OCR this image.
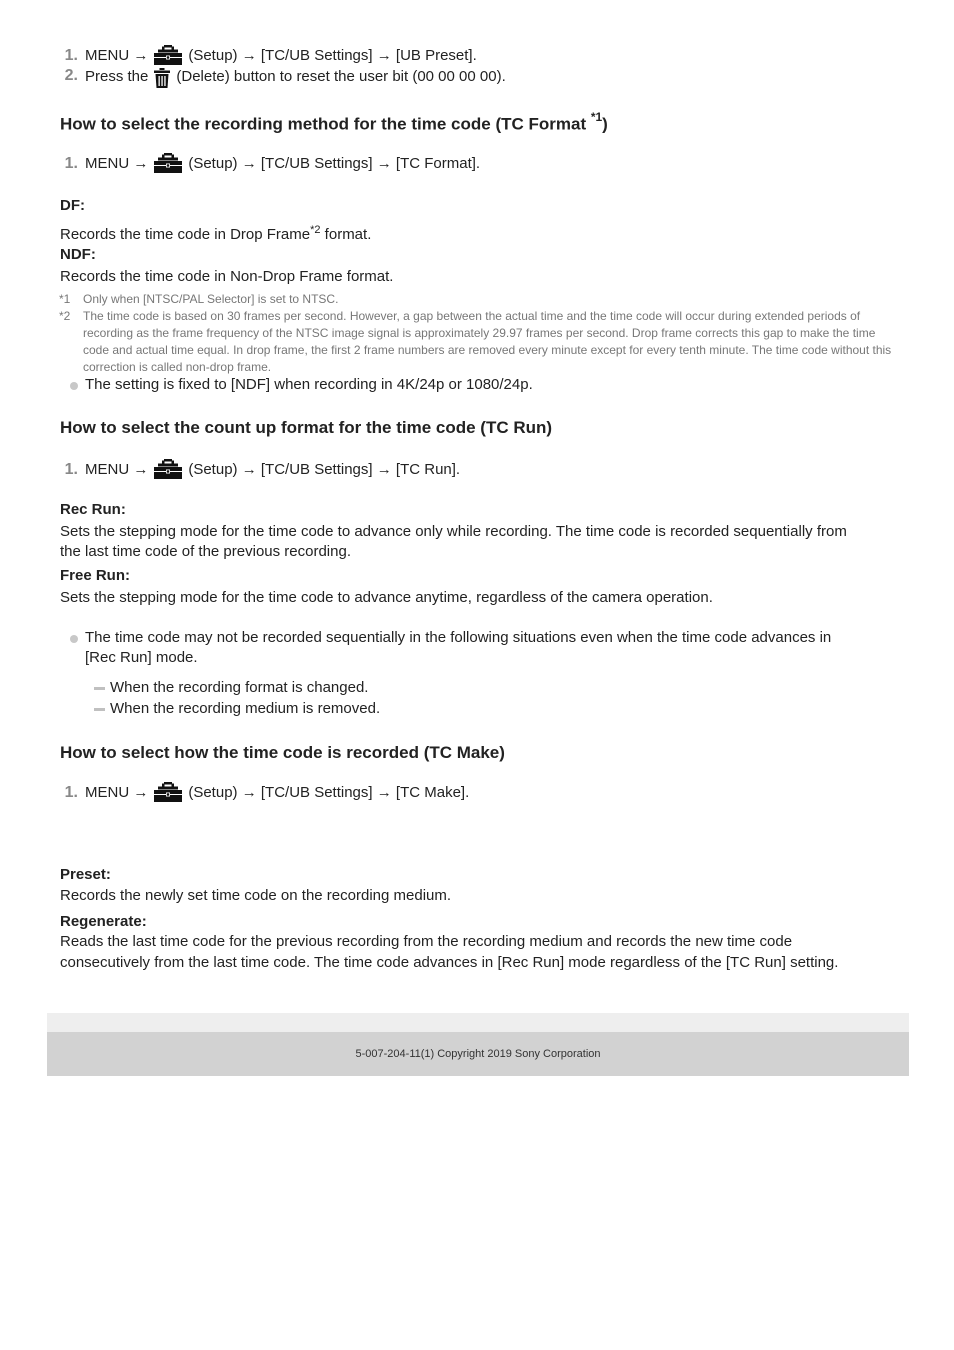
1. MENU →	(Setup) → [TC/UB Settings] → [UB Preset].
2. Press the (Delete) button to reset the user bit (00 00 00 00).
How to select the recording method for the time code (TC Format $^{*1}$)
1. MENU →	(Setup) → [TC/UB Settings] → [TC Format].
DF:
Records the time code in Drop Frame$^{*2}$ format.
NDF:
Records the time code in Non-Drop Frame format.
*1 Only when [NTSC/PAL Selector] is set to NTSC.
*2 The time code is based on 30 frames per second. However, a gap between the actual time and the time code will occur during extended periods of recording as the frame frequency of the NTSC image signal is approximately 29.97 frames per second. Drop frame corrects this gap to make the time code and actual time equal. In drop frame, the first 2 frame numbers are removed every minute except for every tenth minute. The time code without this correction is called non-drop frame.
The setting is fixed to [NDF] when recording in 4K/24p or 1080/24p.
How to select the count up format for the time code (TC Run)
1. MENU →	(Setup) → [TC/UB Settings] → [TC Run].
Rec Run:
Sets the stepping mode for the time code to advance only while recording. The time code is recorded sequentially from
the last time code of the previous recording.
Free Run:
Sets the stepping mode for the time code to advance anytime, regardless of the camera operation.
The time code may not be recorded sequentially in the following situations even when the time code advances in
[Rec Run] mode.
When the recording format is changed.
When the recording medium is removed.
How to select how the time code is recorded (TC Make)
1. MENU →	(Setup) → [TC/UB Settings] → [TC Make].
Preset:
Records the newly set time code on the recording medium.
Regenerate:
Reads the last time code for the previous recording from the recording medium and records the new time code
consecutively from the last time code. The time code advances in [Rec Run] mode regardless of the [TC Run] setting.
5-007-204-11(1) Copyright 2019 Sony Corporation
